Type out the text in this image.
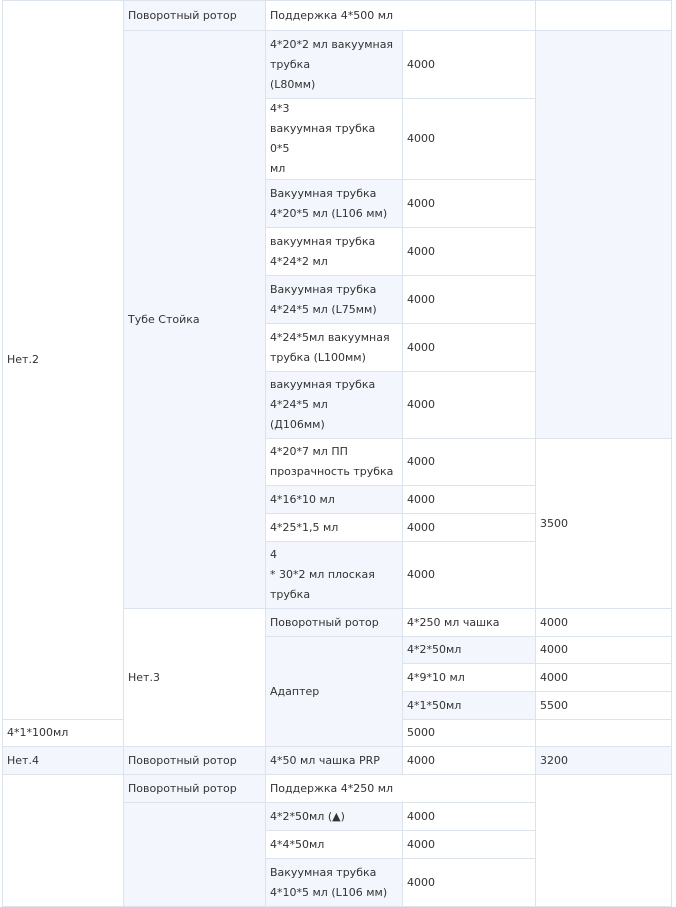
Нет.2	Поворотный ротор	Поддержка 4*500 мл			
	Тубе Стойка	4*20*2 мл вакуумная
трубка
(L80мм)	4000		
		4*3
вакуумная трубка 0*5
мл	4000		
		Вакуумная трубка
4*20*5 мл (L106 мм)	4000		
		вакуумная трубка
4*24*2 мл	4000		
		Вакуумная трубка
4*24*5 мл (L75мм)	4000		
		4*24*5мл вакуумная
трубка (L100мм)	4000		
		вакуумная трубка
4*24*5 мл
(Д106мм)	4000		
		4*20*7 мл ПП
прозрачность трубка	4000	3500	
		4*16*10 мл	4000		
		4*25*1,5 мл	4000		
		4
* 30*2 мл плоская
трубка	4000		
	Нет.3	Поворотный ротор	4*250 мл чашка	4000	
		Адаптер	4*2*50мл	4000	
			4*9*10 мл	4000	
			4*1*50мл	5500	
4*1*100мл			5000		
Нет.4	Поворотный ротор	4*50 мл чашка PRP	4000	3200	
	Поворотный ротор	Поддержка 4*250 мл			
		4*2*50мл (▲)	4000		
		4*4*50мл	4000		
		Вакуумная трубка
4*10*5 мл (L106 мм)	4000		
